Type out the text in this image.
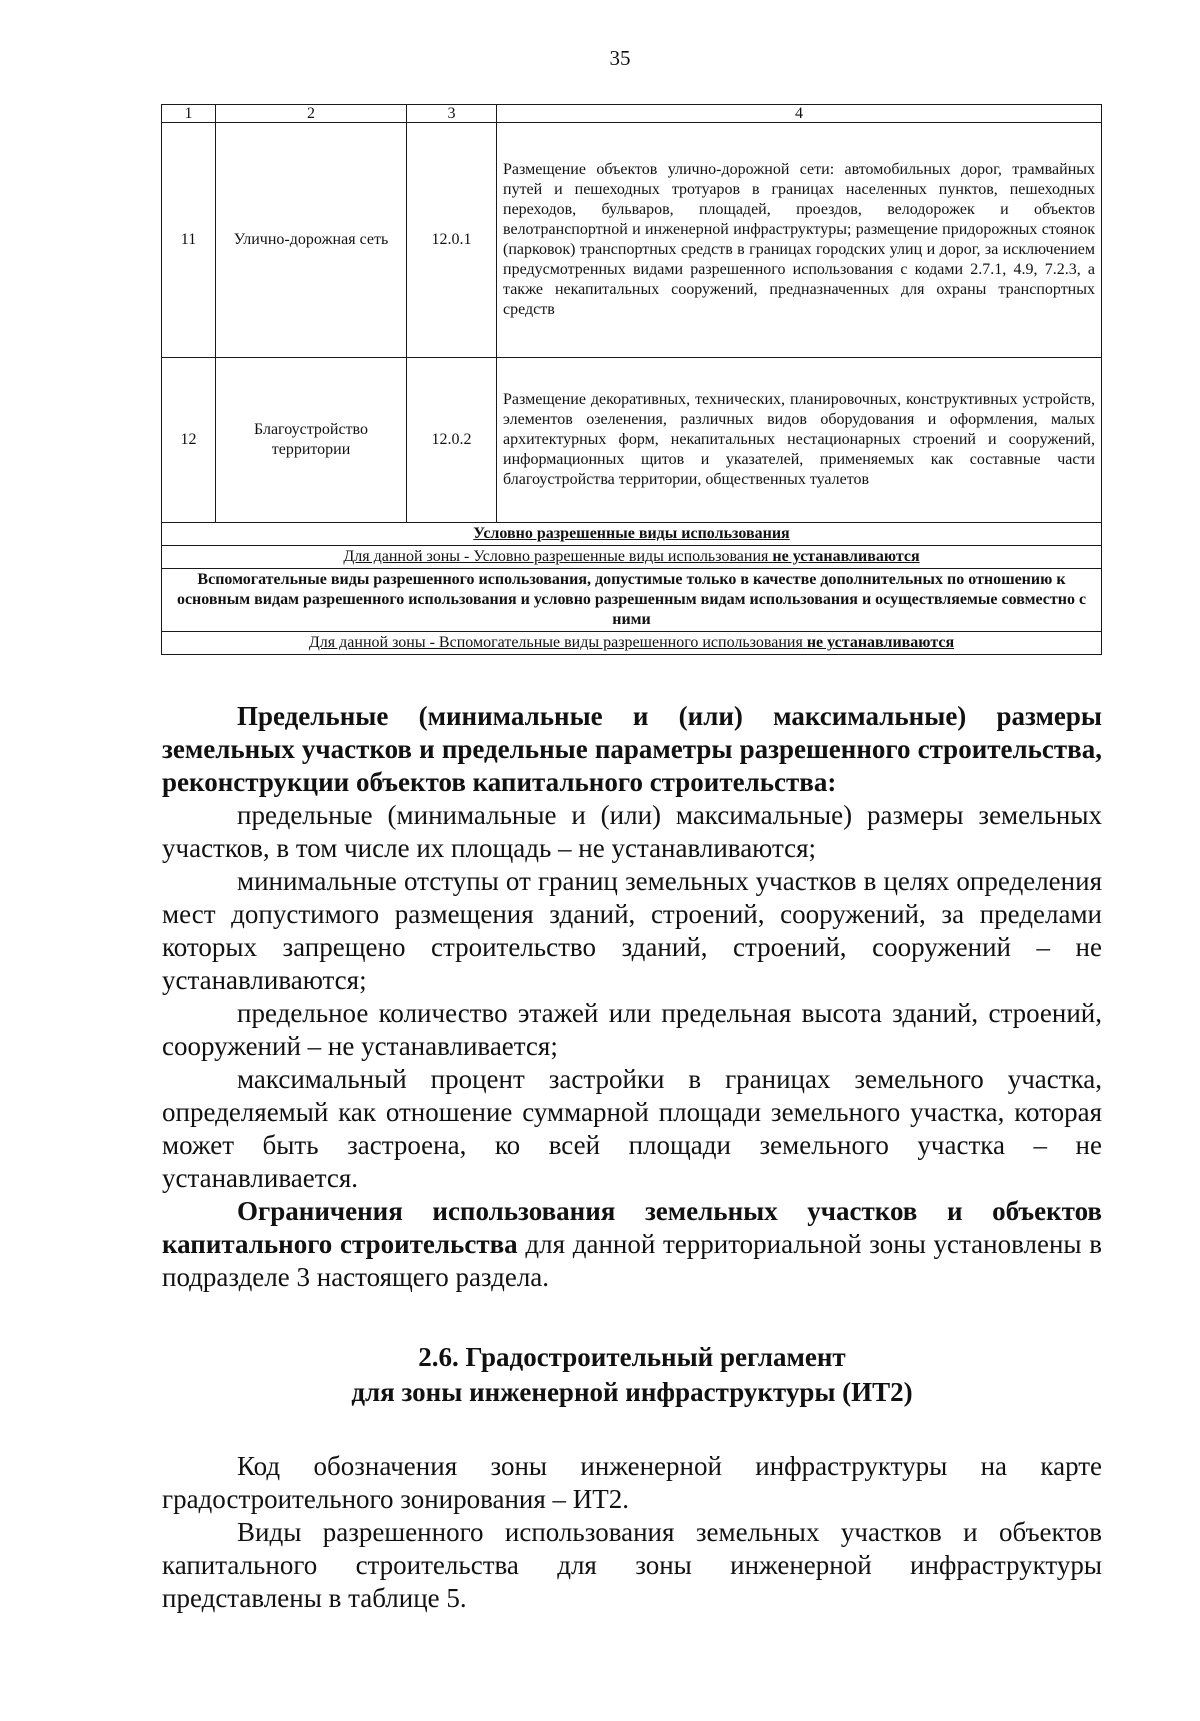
35
1	2	3	4
11	Улично-дорожная сеть	12.0.1	Размещение объектов улично-дорожной сети: автомобильных дорог, трамвайных путей и пешеходных тротуаров в границах населенных пунктов, пешеходных переходов, бульваров, площадей, проездов, велодорожек и объектов велотранспортной и инженерной инфраструктуры; размещение придорожных стоянок (парковок) транспортных средств в границах городских улиц и дорог, за исключением предусмотренных видами разрешенного использования с кодами 2.7.1, 4.9, 7.2.3, а также некапитальных сооружений, предназначенных для охраны транспортных средств
12	Благоустройство территории	12.0.2	Размещение декоративных, технических, планировочных, конструктивных устройств, элементов озеленения, различных видов оборудования и оформления, малых архитектурных форм, некапитальных нестационарных строений и сооружений, информационных щитов и указателей, применяемых как составные части благоустройства территории, общественных туалетов
Условно разрешенные виды использования			
Для данной зоны - Условно разрешенные виды использования не устанавливаются			
Вспомогательные виды разрешенного использования, допустимые только в качестве дополнительных по отношению к основным видам разрешенного использования и условно разрешенным видам использования и осуществляемые совместно с ними			
Для данной зоны - Вспомогательные виды разрешенного использования не устанавливаются			

Предельные (минимальные и (или) максимальные) размеры земельных участков и предельные параметры разрешенного строительства, реконструкции объектов капитального строительства:

предельные (минимальные и (или) максимальные) размеры земельных участков, в том числе их площадь – не устанавливаются;

минимальные отступы от границ земельных участков в целях определения мест допустимого размещения зданий, строений, сооружений, за пределами которых запрещено строительство зданий, строений, сооружений – не устанавливаются;

предельное количество этажей или предельная высота зданий, строений, сооружений – не устанавливается;

максимальный процент застройки в границах земельного участка, определяемый как отношение суммарной площади земельного участка, которая может быть застроена, ко всей площади земельного участка – не устанавливается.

Ограничения использования земельных участков и объектов капитального строительства для данной территориальной зоны установлены в подразделе 3 настоящего раздела.

2.6. Градостроительный регламент
для зоны инженерной инфраструктуры (ИТ2)

Код обозначения зоны инженерной инфраструктуры на карте градостроительного зонирования – ИТ2.

Виды разрешенного использования земельных участков и объектов капитального строительства для зоны инженерной инфраструктуры представлены в таблице 5.
